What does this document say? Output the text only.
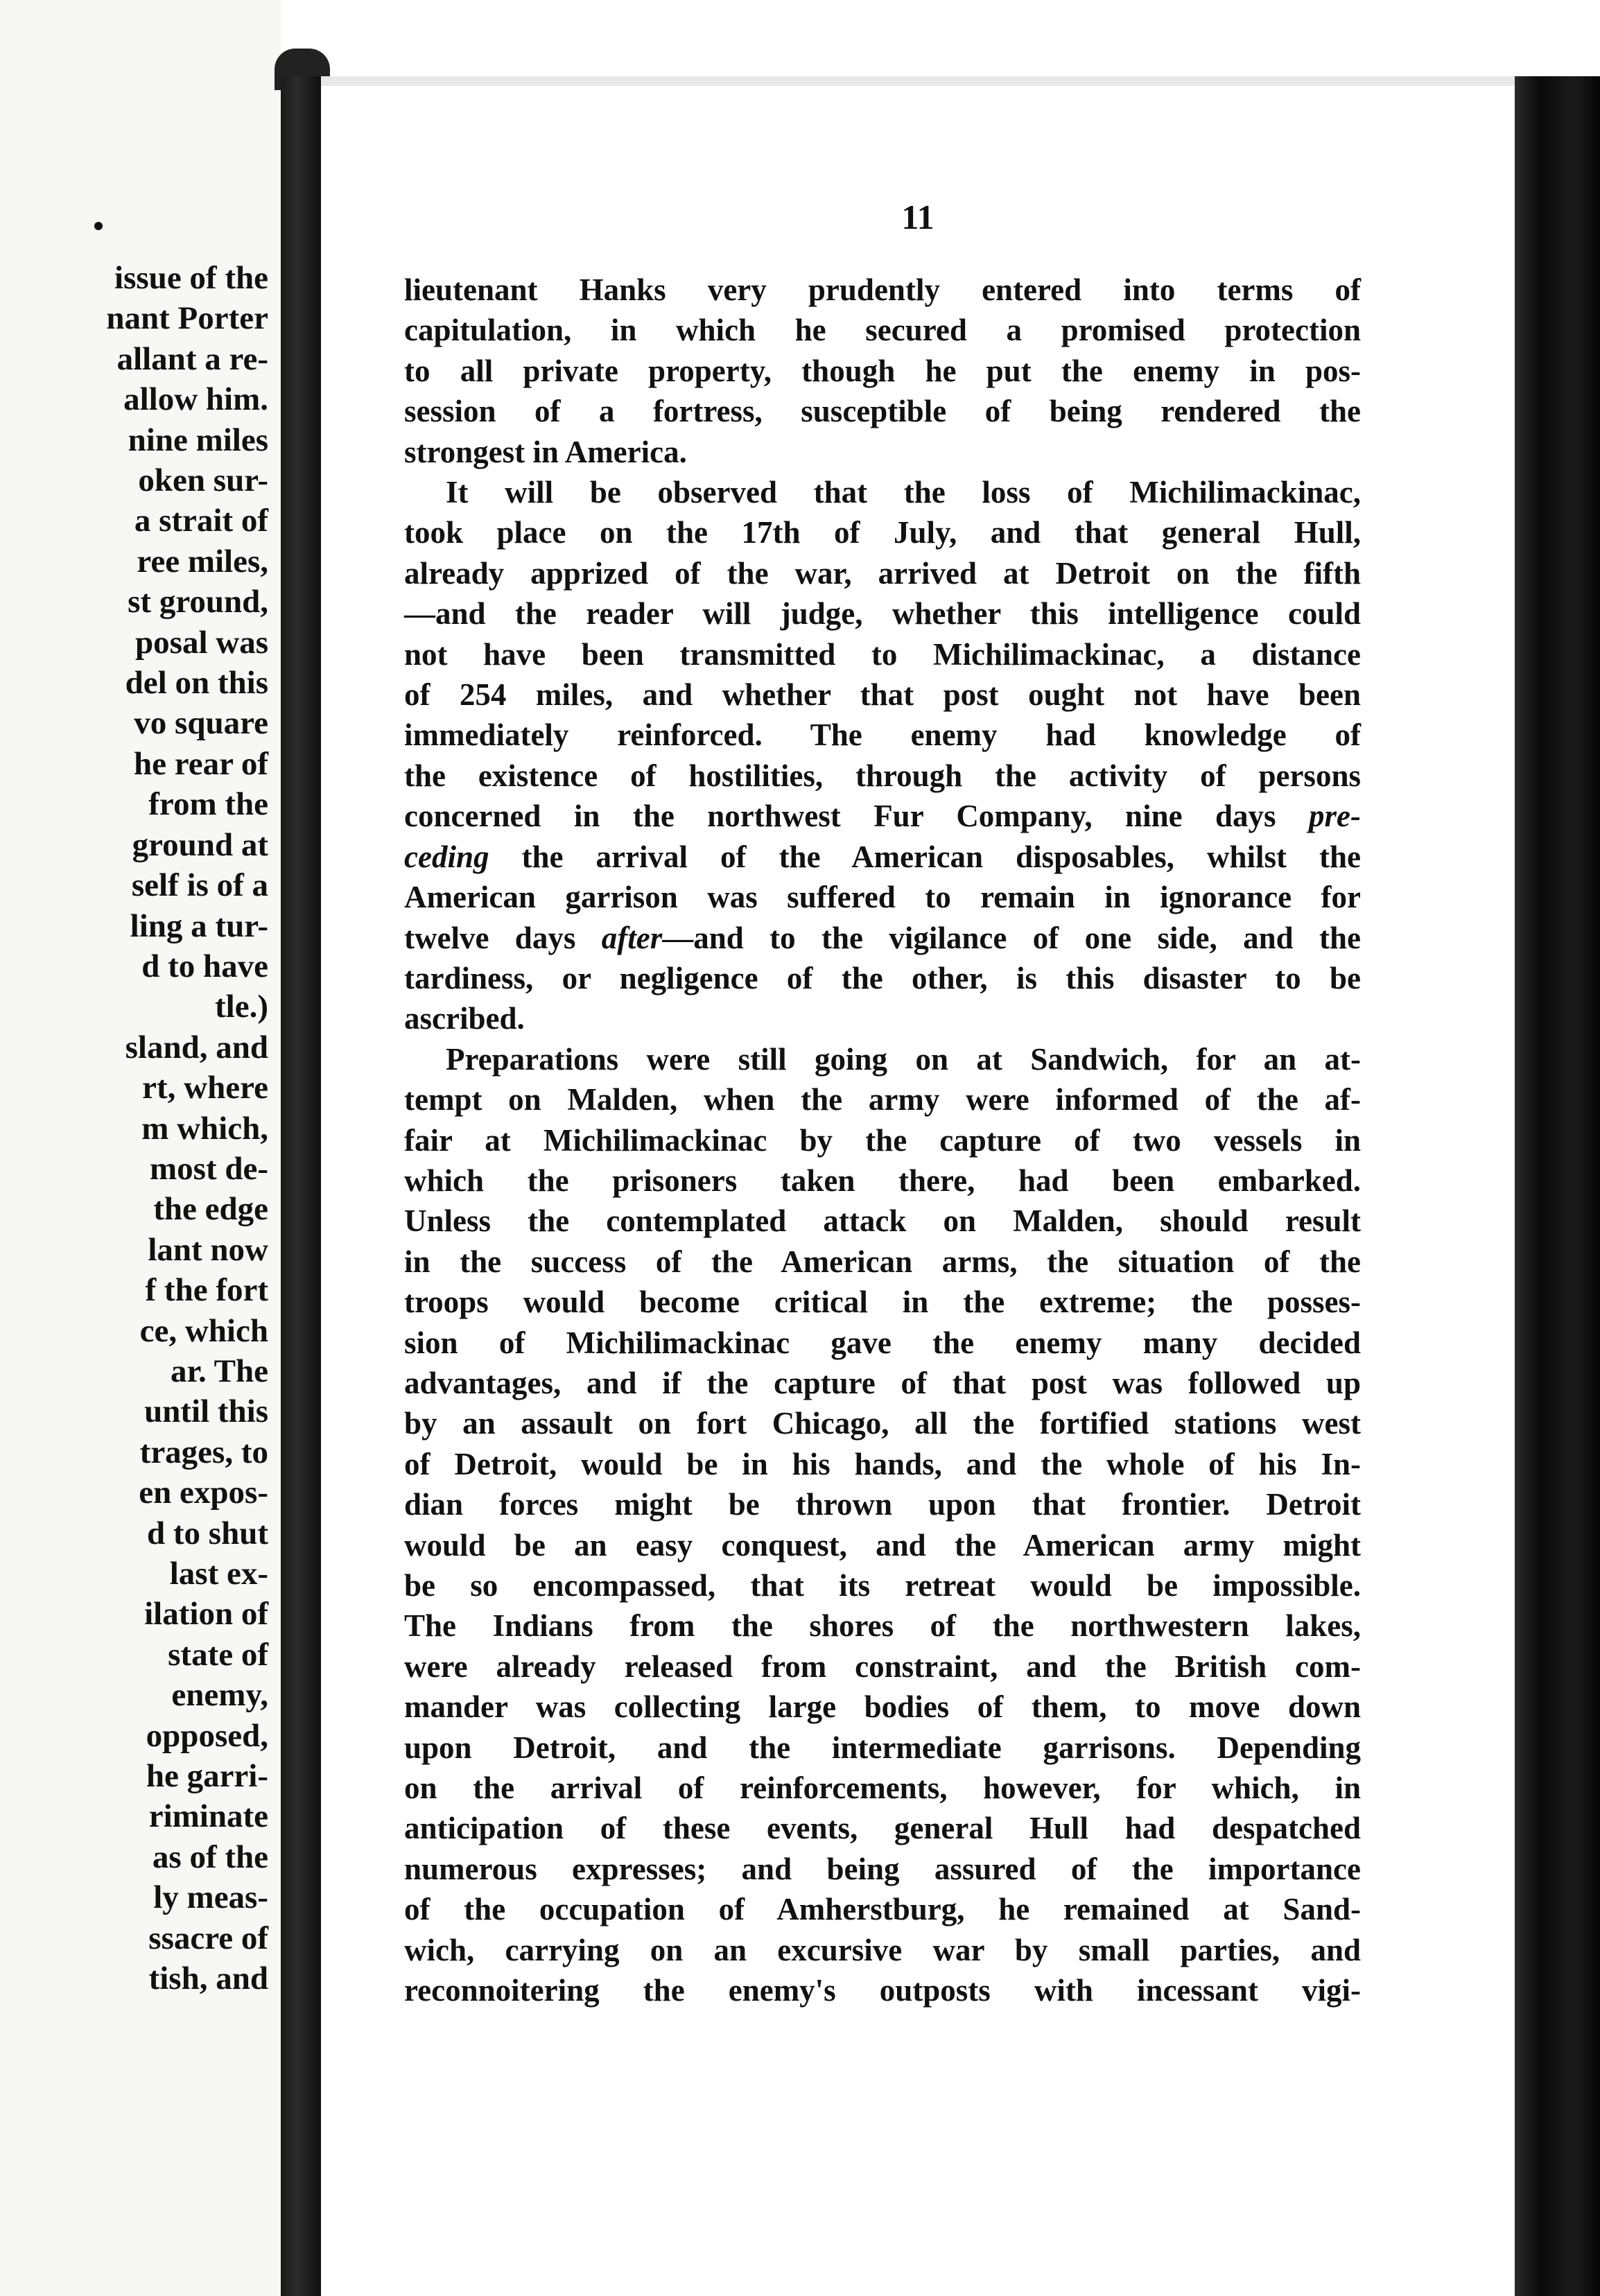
issue of the
nant Porter
allant a re-
allow him.
nine miles
oken sur-
a strait of
ree miles,
st ground,
posal was
del on this
vo square
he rear of
from the
ground at
self is of a
ling a tur-
d to have
tle.)
sland, and
rt, where
m which,
most de-
the edge
lant now
f the fort
ce, which
ar. The
until this
trages, to
en expos-
d to shut
last ex-
ilation of
state of
enemy,
opposed,
he garri-
riminate
as of the
ly meas-
ssacre of
tish, and
11

lieutenant Hanks very prudently entered into terms of
capitulation, in which he secured a promised protection
to all private property, though he put the enemy in pos-
session of a fortress, susceptible of being rendered the
strongest in America.

It will be observed that the loss of Michilimackinac,
took place on the 17th of July, and that general Hull,
already apprized of the war, arrived at Detroit on the fifth
—and the reader will judge, whether this intelligence could
not have been transmitted to Michilimackinac, a distance
of 254 miles, and whether that post ought not have been
immediately reinforced. The enemy had knowledge of
the existence of hostilities, through the activity of persons
concerned in the northwest Fur Company, nine days pre-
ceding the arrival of the American disposables, whilst the
American garrison was suffered to remain in ignorance for
twelve days after—and to the vigilance of one side, and the
tardiness, or negligence of the other, is this disaster to be
ascribed.

Preparations were still going on at Sandwich, for an at-
tempt on Malden, when the army were informed of the af-
fair at Michilimackinac by the capture of two vessels in
which the prisoners taken there, had been embarked.
Unless the contemplated attack on Malden, should result
in the success of the American arms, the situation of the
troops would become critical in the extreme; the posses-
sion of Michilimackinac gave the enemy many decided
advantages, and if the capture of that post was followed up
by an assault on fort Chicago, all the fortified stations west
of Detroit, would be in his hands, and the whole of his In-
dian forces might be thrown upon that frontier. Detroit
would be an easy conquest, and the American army might
be so encompassed, that its retreat would be impossible.
The Indians from the shores of the northwestern lakes,
were already released from constraint, and the British com-
mander was collecting large bodies of them, to move down
upon Detroit, and the intermediate garrisons. Depending
on the arrival of reinforcements, however, for which, in
anticipation of these events, general Hull had despatched
numerous expresses; and being assured of the importance
of the occupation of Amherstburg, he remained at Sand-
wich, carrying on an excursive war by small parties, and
reconnoitering the enemy's outposts with incessant vigi-
